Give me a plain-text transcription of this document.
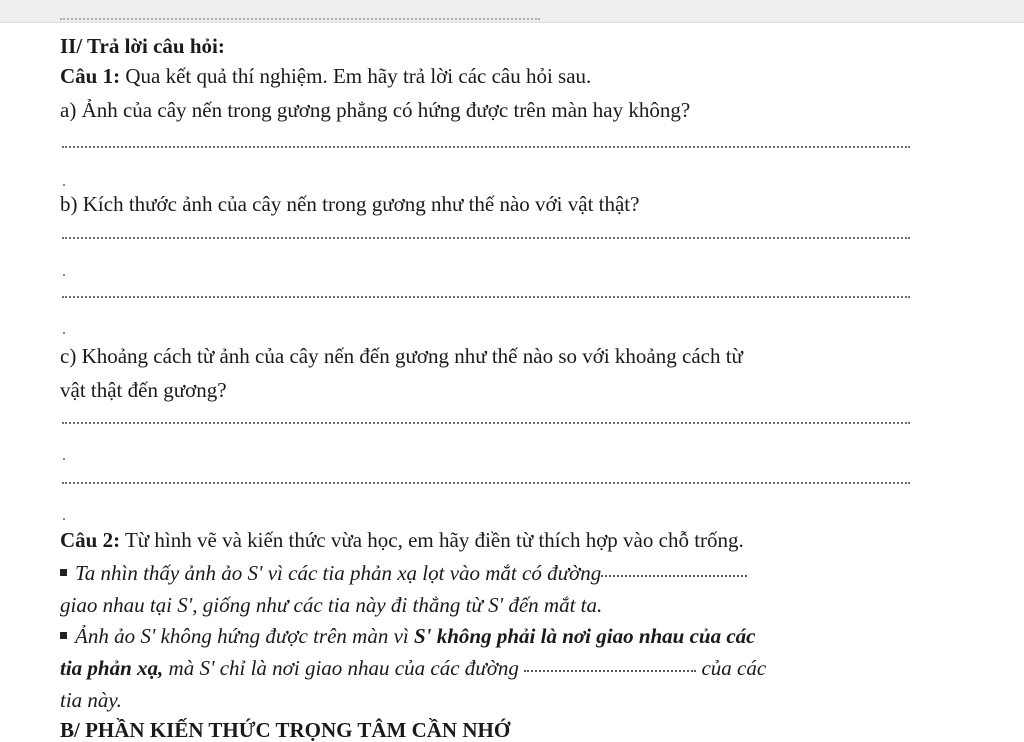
II/ Trả lời câu hỏi:
Câu 1: Qua kết quả thí nghiệm. Em hãy trả lời các câu hỏi sau.
a) Ảnh của cây nến trong gương phẳng có hứng được trên màn hay không?
.
b) Kích thước ảnh của cây nến trong gương như thế nào với vật thật?
.
.
c) Khoảng cách từ ảnh của cây nến đến gương như thế nào so với khoảng cách từ
vật thật đến gương?
.
.
Câu 2: Từ hình vẽ và kiến thức vừa học, em hãy điền từ thích hợp vào chỗ trống.
Ta nhìn thấy ảnh ảo S' vì các tia phản xạ lọt vào mắt có đường
giao nhau tại S', giống như các tia này đi thẳng từ S' đến mắt ta.
Ảnh ảo S' không hứng được trên màn vì S' không phải là nơi giao nhau của các
tia phản xạ, mà S' chỉ là nơi giao nhau của các đường	của các
tia này.
B/ PHẦN KIẾN THỨC TRỌNG TÂM CẦN NHỚ
